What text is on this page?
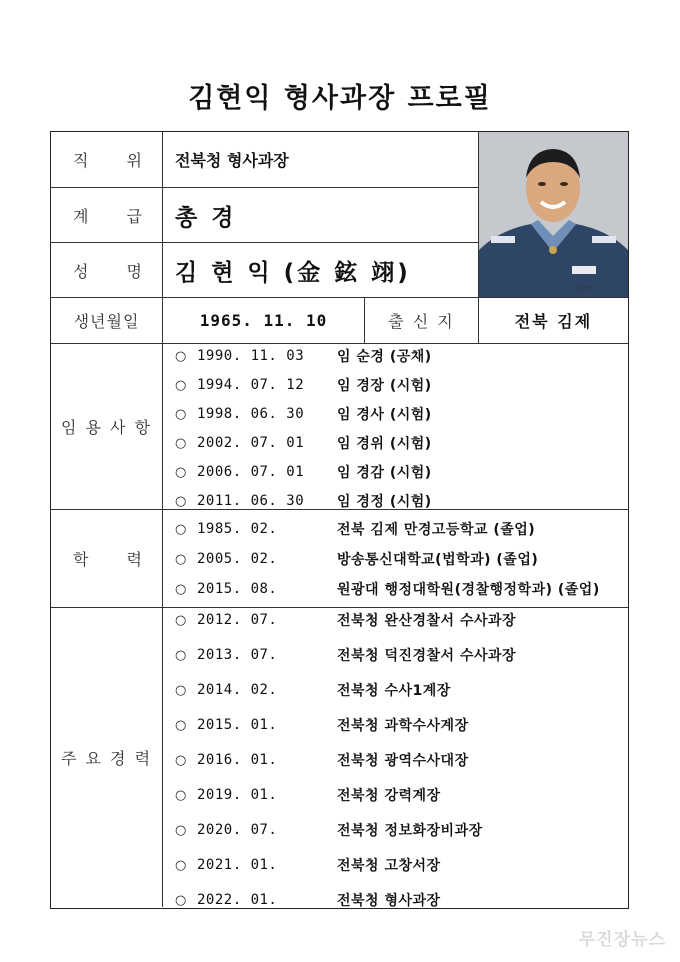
김현익 형사과장 프로필
직 위	전북청 형사과장
계 급	총 경
성 명	김 현 익 (金 鉉 翊)
김현익
생년월일	1965. 11. 10	출 신 지	전북 김제
임 용 사 항
○ 1990. 11. 03	임 순경 (공채)
○ 1994. 07. 12	임 경장 (시험)
○ 1998. 06. 30	임 경사 (시험)
○ 2002. 07. 01	임 경위 (시험)
○ 2006. 07. 01	임 경감 (시험)
○ 2011. 06. 30	임 경정 (시험)
학 력
○ 1985. 02.	전북 김제 만경고등학교 (졸업)
○ 2005. 02.	방송통신대학교(법학과) (졸업)
○ 2015. 08.	원광대 행정대학원(경찰행정학과) (졸업)
주 요 경 력
○ 2012. 07.	전북청 완산경찰서 수사과장
○ 2013. 07.	전북청 덕진경찰서 수사과장
○ 2014. 02.	전북청 수사1계장
○ 2015. 01.	전북청 과학수사계장
○ 2016. 01.	전북청 광역수사대장
○ 2019. 01.	전북청 강력계장
○ 2020. 07.	전북청 정보화장비과장
○ 2021. 01.	전북청 고창서장
○ 2022. 01.	전북청 형사과장
무진장뉴스
